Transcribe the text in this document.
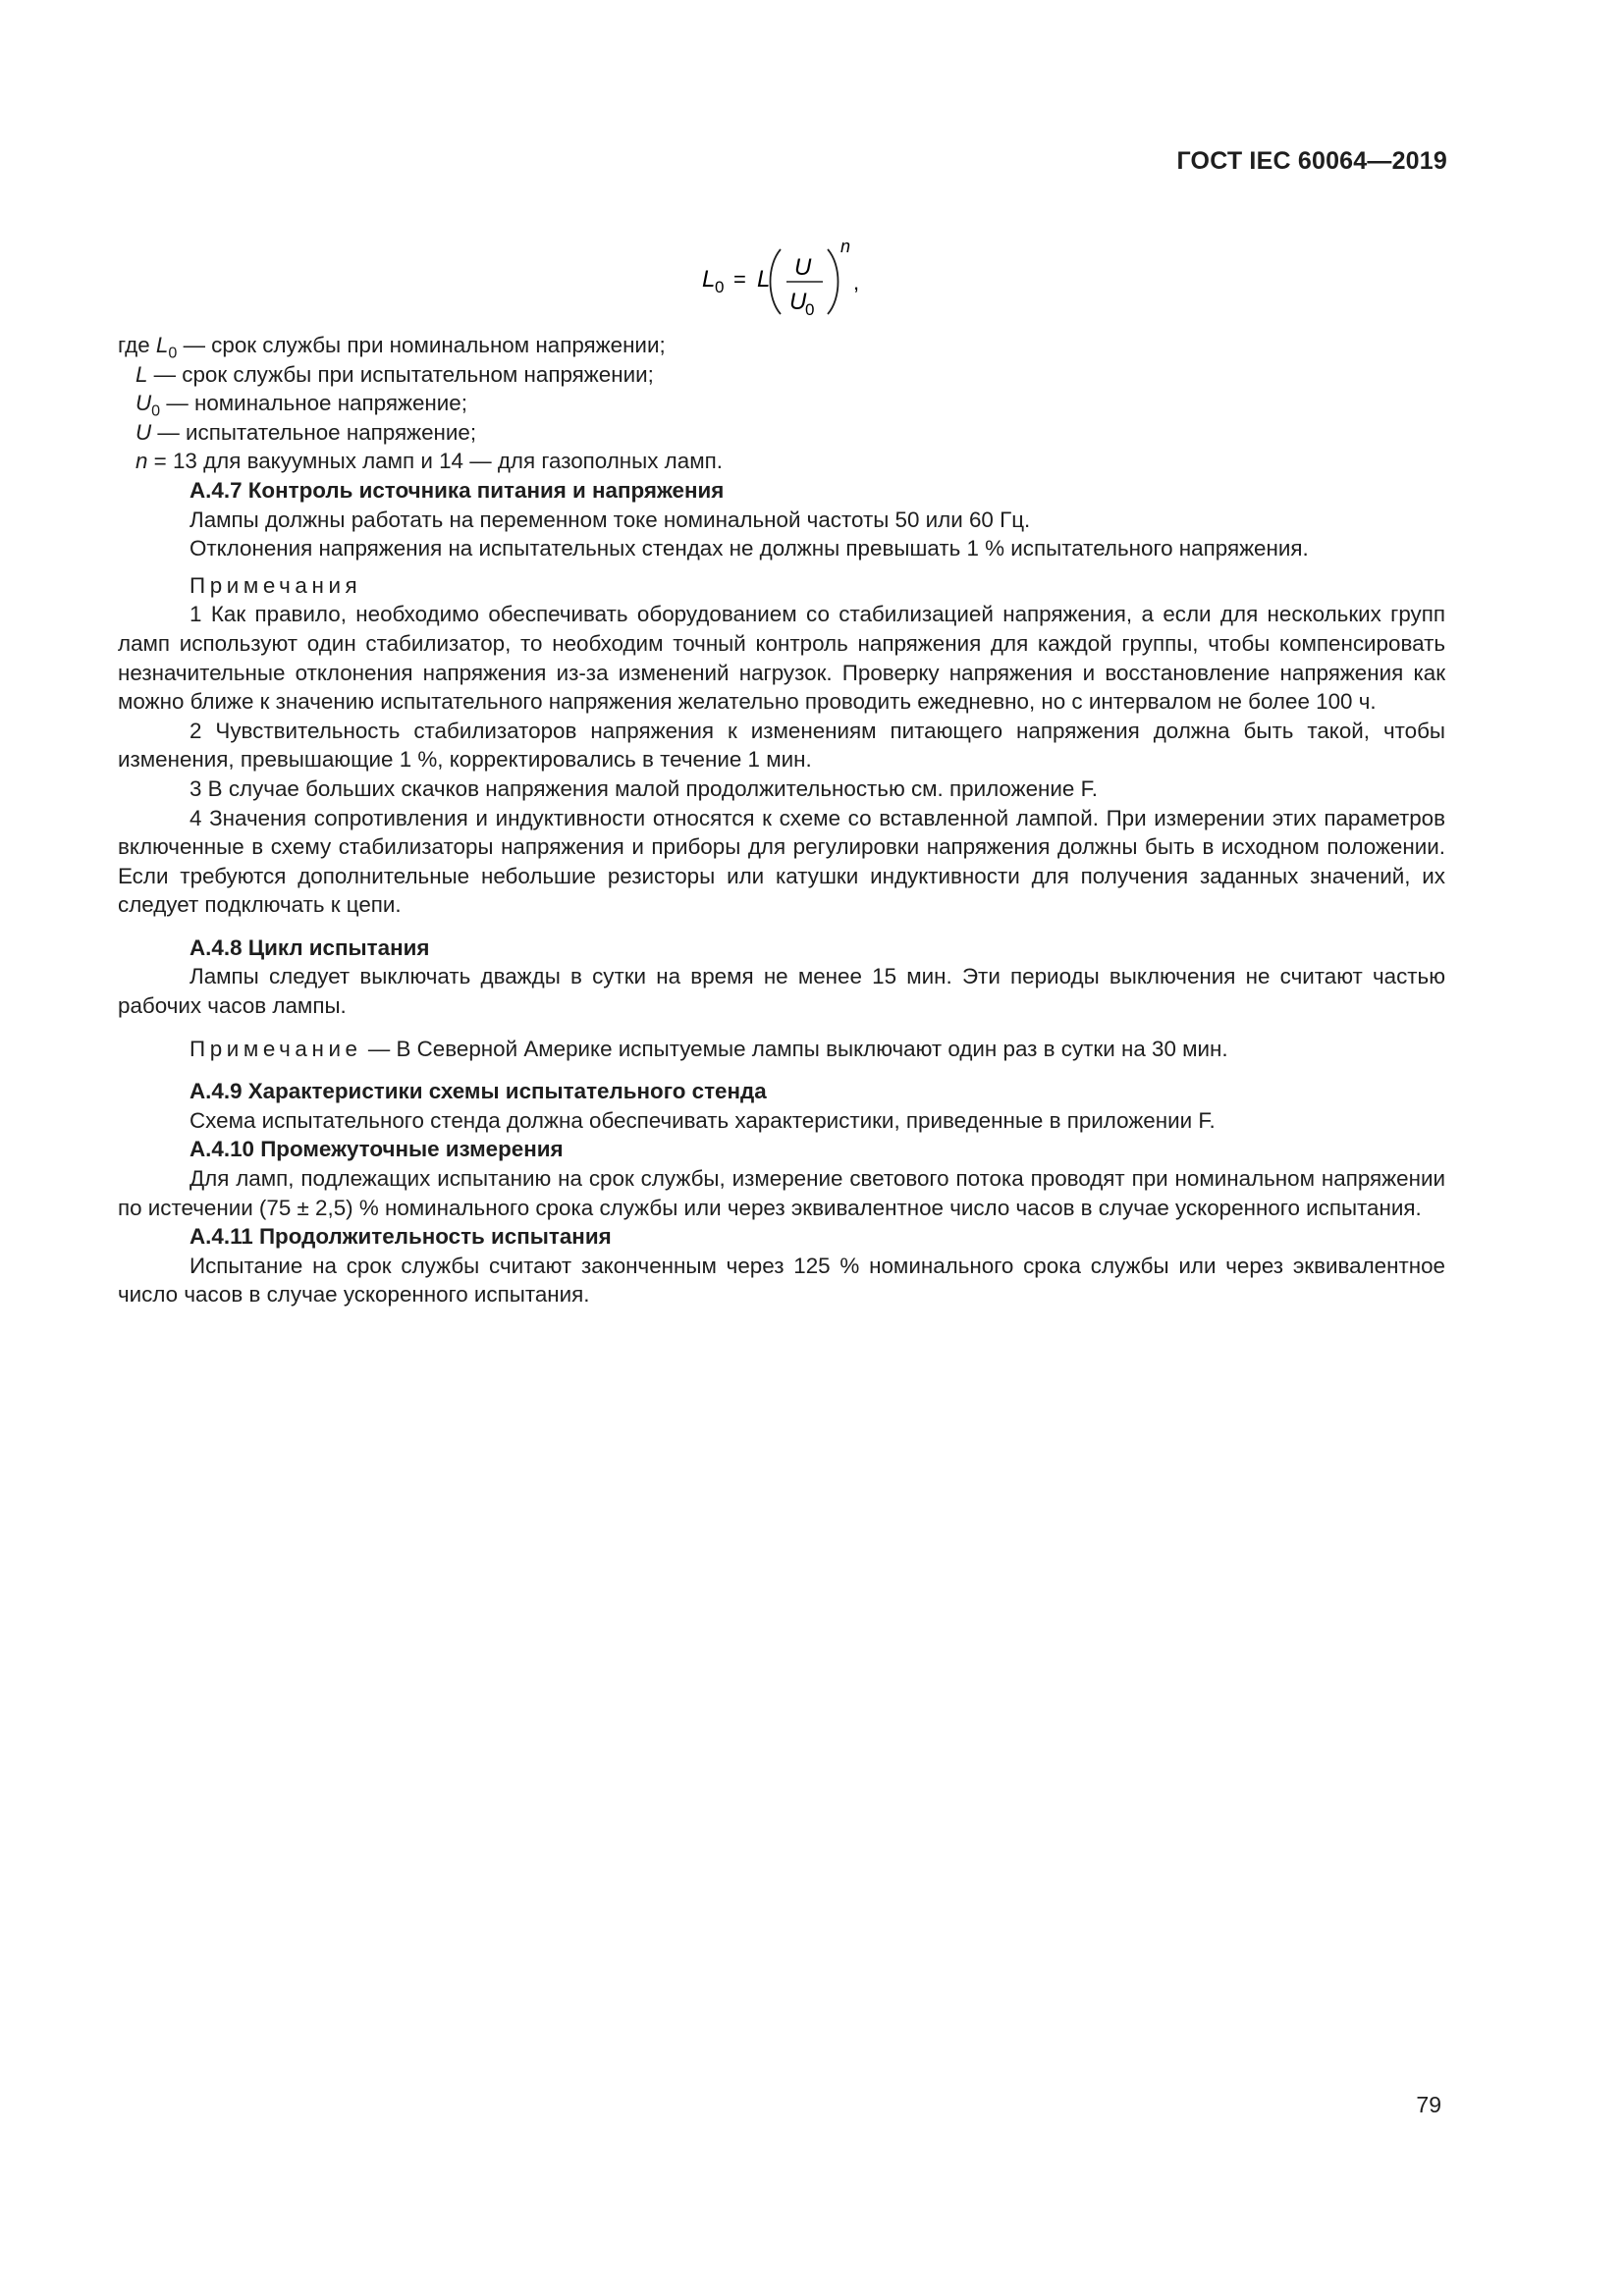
ГОСТ IEC 60064—2019
L 0 = L U
U
0
n
,

где $L_0$ — срок службы при номинальном напряжении;

L — срок службы при испытательном напряжении;

$U_0$ — номинальное напряжение;

U — испытательное напряжение;

n = 13 для вакуумных ламп и 14 — для газополных ламп.

А.4.7 Контроль источника питания и напряжения

Лампы должны работать на переменном токе номинальной частоты 50 или 60 Гц.

Отклонения напряжения на испытательных стендах не должны превышать 1 % испытательного напряжения.

Примечания

1 Как правило, необходимо обеспечивать оборудованием со стабилизацией напряжения, а если для нескольких групп ламп используют один стабилизатор, то необходим точный контроль напряжения для каждой группы, чтобы компенсировать незначительные отклонения напряжения из-за изменений нагрузок. Проверку напряжения и восстановление напряжения как можно ближе к значению испытательного напряжения желательно проводить ежедневно, но с интервалом не более 100 ч.

2 Чувствительность стабилизаторов напряжения к изменениям питающего напряжения должна быть такой, чтобы изменения, превышающие 1 %, корректировались в течение 1 мин.

3 В случае больших скачков напряжения малой продолжительностью см. приложение F.

4 Значения сопротивления и индуктивности относятся к схеме со вставленной лампой. При измерении этих параметров включенные в схему стабилизаторы напряжения и приборы для регулировки напряжения должны быть в исходном положении. Если требуются дополнительные небольшие резисторы или катушки индуктивности для получения заданных значений, их следует подключать к цепи.

А.4.8 Цикл испытания

Лампы следует выключать дважды в сутки на время не менее 15 мин. Эти периоды выключения не считают частью рабочих часов лампы.

Примечание — В Северной Америке испытуемые лампы выключают один раз в сутки на 30 мин.

А.4.9 Характеристики схемы испытательного стенда

Схема испытательного стенда должна обеспечивать характеристики, приведенные в приложении F.

А.4.10 Промежуточные измерения

Для ламп, подлежащих испытанию на срок службы, измерение светового потока проводят при номинальном напряжении по истечении (75 ± 2,5) % номинального срока службы или через эквивалентное число часов в случае ускоренного испытания.

А.4.11 Продолжительность испытания

Испытание на срок службы считают законченным через 125 % номинального срока службы или через эквивалентное число часов в случае ускоренного испытания.

79
